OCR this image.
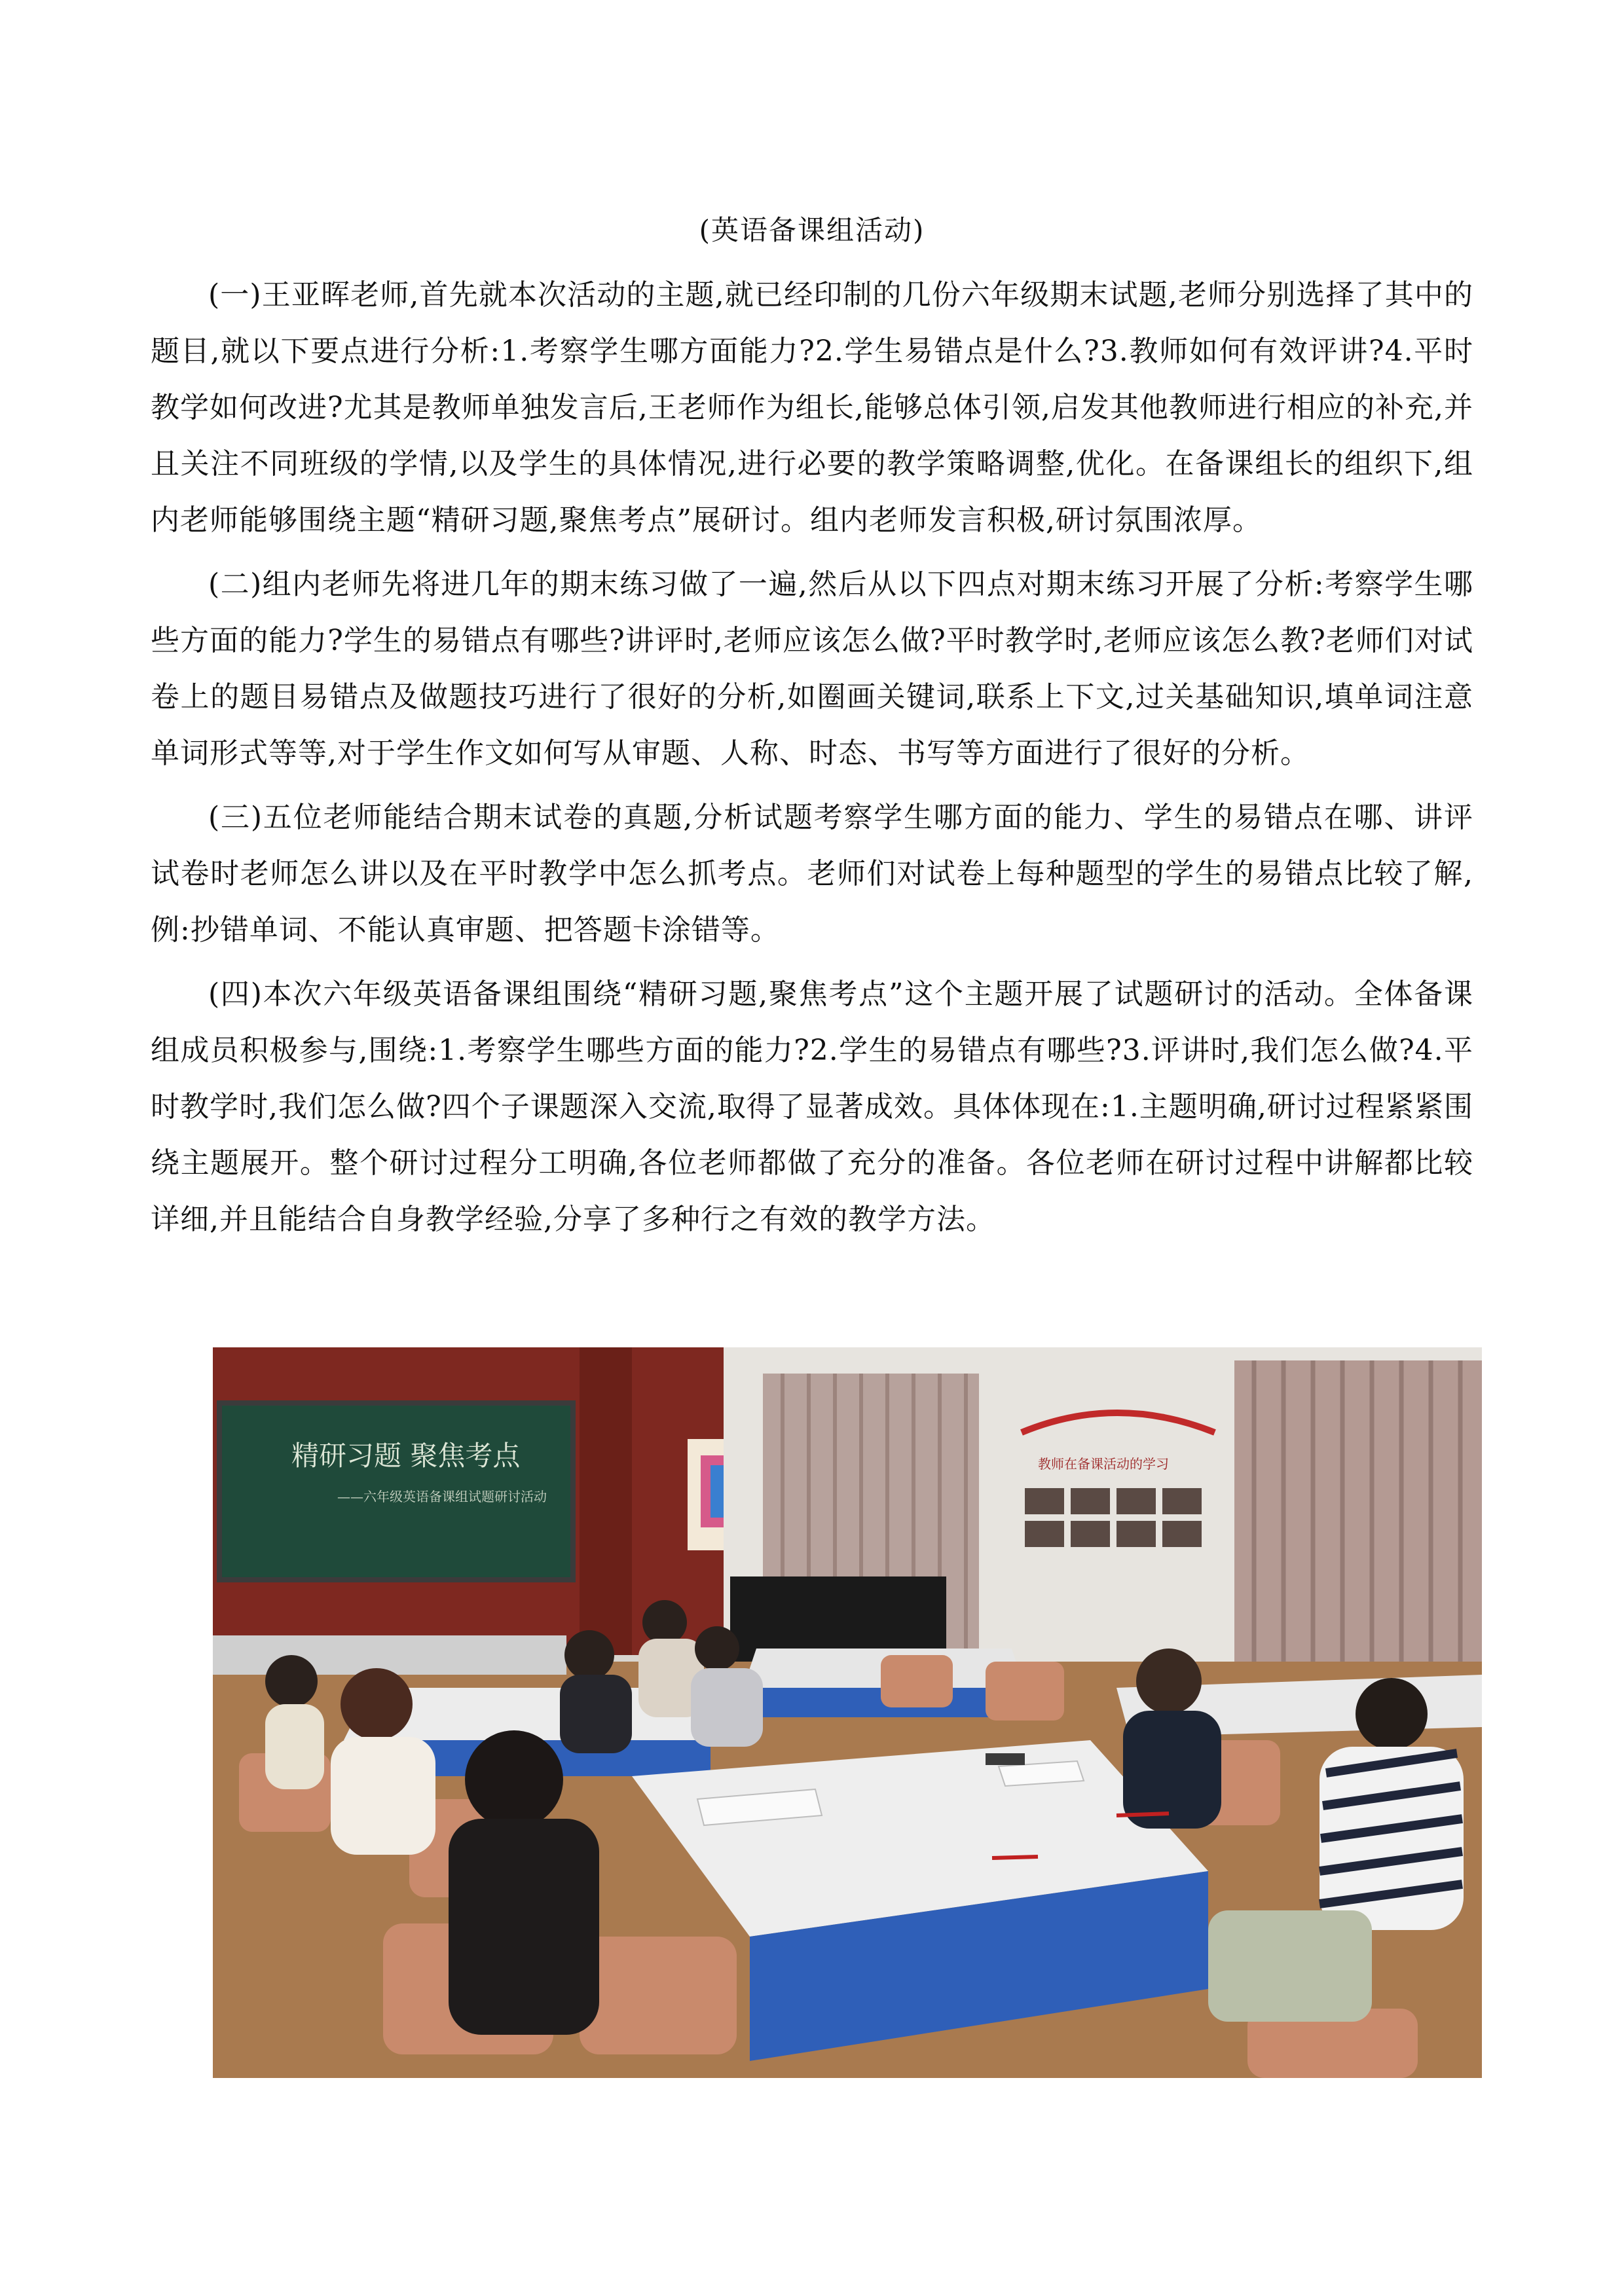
(英语备课组活动)

(一)王亚晖老师,首先就本次活动的主题,就已经印制的几份六年级期末试题,老师分别选择了其中的题目,就以下要点进行分析:1.考察学生哪方面能力?2.学生易错点是什么?3.教师如何有效评讲?4.平时教学如何改进?尤其是教师单独发言后,王老师作为组长,能够总体引领,启发其他教师进行相应的补充,并且关注不同班级的学情,以及学生的具体情况,进行必要的教学策略调整,优化。在备课组长的组织下,组内老师能够围绕主题“精研习题,聚焦考点”展研讨。组内老师发言积极,研讨氛围浓厚。

(二)组内老师先将进几年的期末练习做了一遍,然后从以下四点对期末练习开展了分析:考察学生哪些方面的能力?学生的易错点有哪些?讲评时,老师应该怎么做?平时教学时,老师应该怎么教?老师们对试卷上的题目易错点及做题技巧进行了很好的分析,如圈画关键词,联系上下文,过关基础知识,填单词注意单词形式等等,对于学生作文如何写从审题、人称、时态、书写等方面进行了很好的分析。

(三)五位老师能结合期末试卷的真题,分析试题考察学生哪方面的能力、学生的易错点在哪、讲评试卷时老师怎么讲以及在平时教学中怎么抓考点。老师们对试卷上每种题型的学生的易错点比较了解,例:抄错单词、不能认真审题、把答题卡涂错等。

(四)本次六年级英语备课组围绕“精研习题,聚焦考点”这个主题开展了试题研讨的活动。全体备课组成员积极参与,围绕:1.考察学生哪些方面的能力?2.学生的易错点有哪些?3.评讲时,我们怎么做?4.平时教学时,我们怎么做?四个子课题深入交流,取得了显著成效。具体体现在:1.主题明确,研讨过程紧紧围绕主题展开。整个研讨过程分工明确,各位老师都做了充分的准备。各位老师在研讨过程中讲解都比较详细,并且能结合自身教学经验,分享了多种行之有效的教学方法。

精研习题 聚焦考点
——六年级英语备课组试题研讨活动
教师在备课活动的学习
